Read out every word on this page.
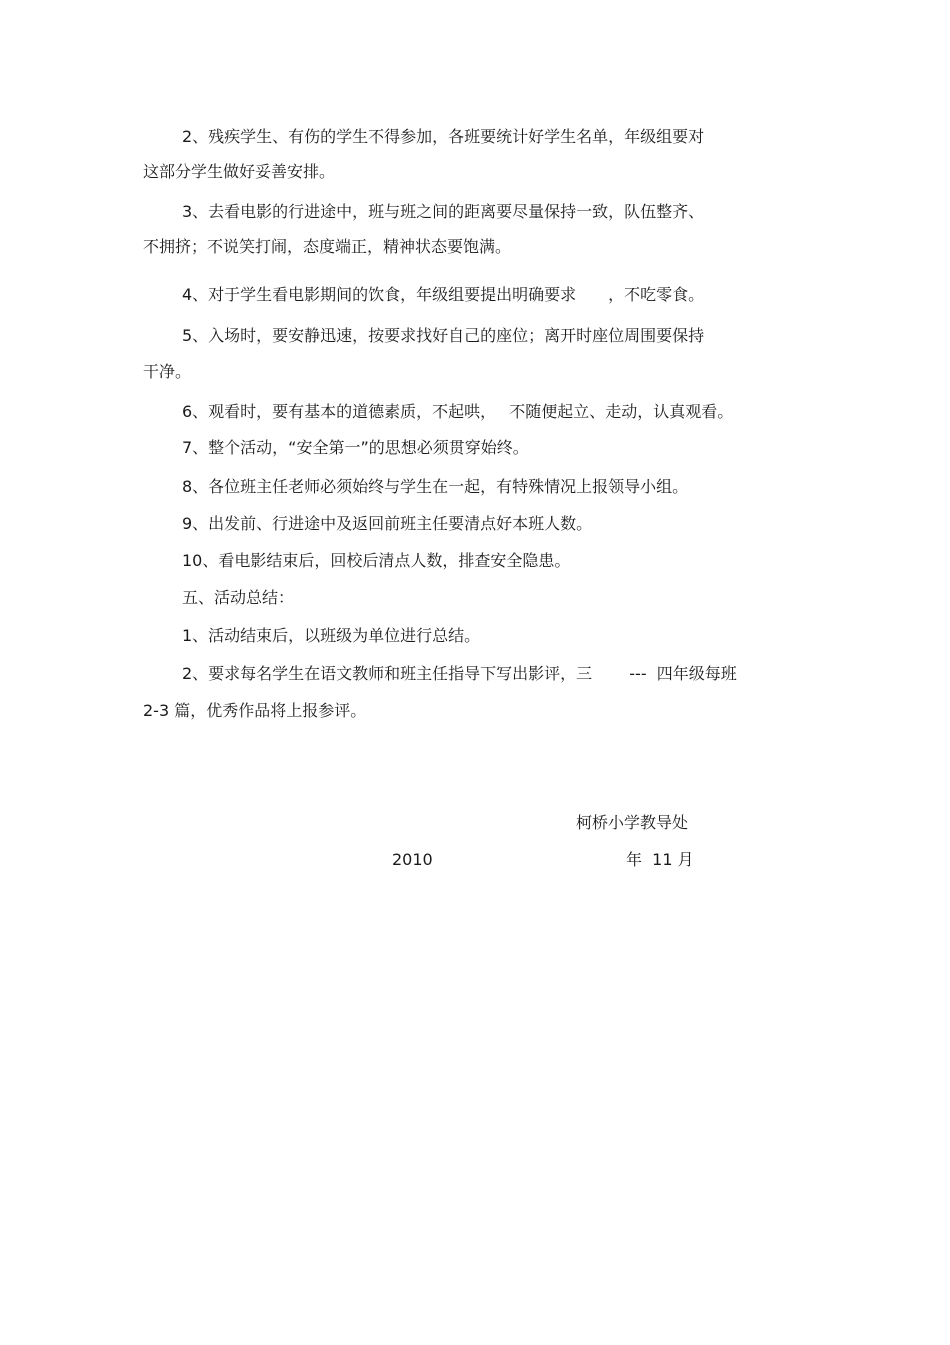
2、残疾学生、有伤的学生不得参加，各班要统计好学生名单，年级组要对
这部分学生做好妥善安排。
3、去看电影的行进途中，班与班之间的距离要尽量保持一致，队伍整齐、
不拥挤；不说笑打闹，态度端正，精神状态要饱满。
4、对于学生看电影期间的饮食，年级组要提出明确要求　　，不吃零食。
5、入场时，要安静迅速，按要求找好自己的座位；离开时座位周围要保持
干净。
6、观看时，要有基本的道德素质，不起哄，　 不随便起立、走动，认真观看。
7、整个活动，“安全第一”的思想必须贯穿始终。
8、各位班主任老师必须始终与学生在一起，有特殊情况上报领导小组。
9、出发前、行进途中及返回前班主任要清点好本班人数。
10、看电影结束后，回校后清点人数，排查安全隐患。
五、活动总结：
1、活动结束后，以班级为单位进行总结。
2、要求每名学生在语文教师和班主任指导下写出影评，三　　 ---  四年级每班
2-3 篇，优秀作品将上报参评。
柯桥小学教导处
2010	年  11 月
